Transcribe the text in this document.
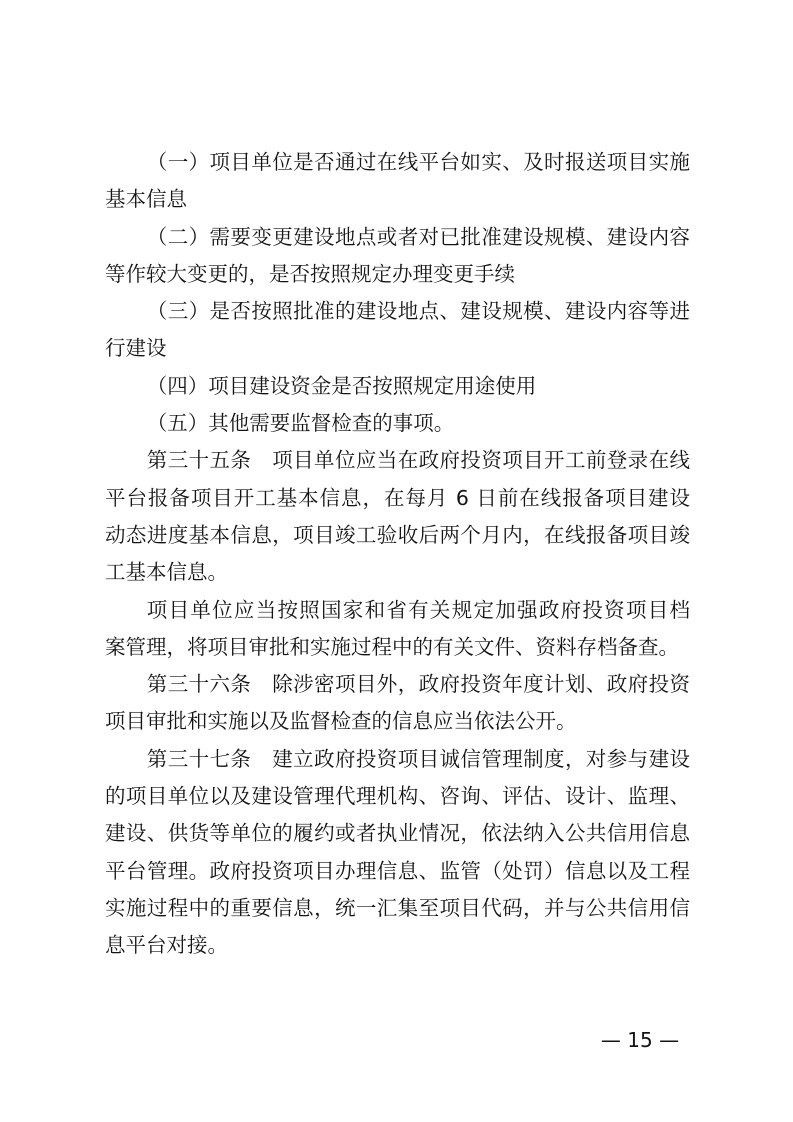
（一）项目单位是否通过在线平台如实、及时报送项目实施
基本信息
（二）需要变更建设地点或者对已批准建设规模、建设内容
等作较大变更的，是否按照规定办理变更手续
（三）是否按照批准的建设地点、建设规模、建设内容等进
行建设
（四）项目建设资金是否按照规定用途使用
（五）其他需要监督检查的事项。
第三十五条　项目单位应当在政府投资项目开工前登录在线
平台报备项目开工基本信息，在每月 6 日前在线报备项目建设
动态进度基本信息，项目竣工验收后两个月内，在线报备项目竣
工基本信息。
项目单位应当按照国家和省有关规定加强政府投资项目档
案管理，将项目审批和实施过程中的有关文件、资料存档备查。
第三十六条　除涉密项目外，政府投资年度计划、政府投资
项目审批和实施以及监督检查的信息应当依法公开。
第三十七条　建立政府投资项目诚信管理制度，对参与建设
的项目单位以及建设管理代理机构、咨询、评估、设计、监理、
建设、供货等单位的履约或者执业情况，依法纳入公共信用信息
平台管理。政府投资项目办理信息、监管（处罚）信息以及工程
实施过程中的重要信息，统一汇集至项目代码，并与公共信用信
息平台对接。
— 15 —
